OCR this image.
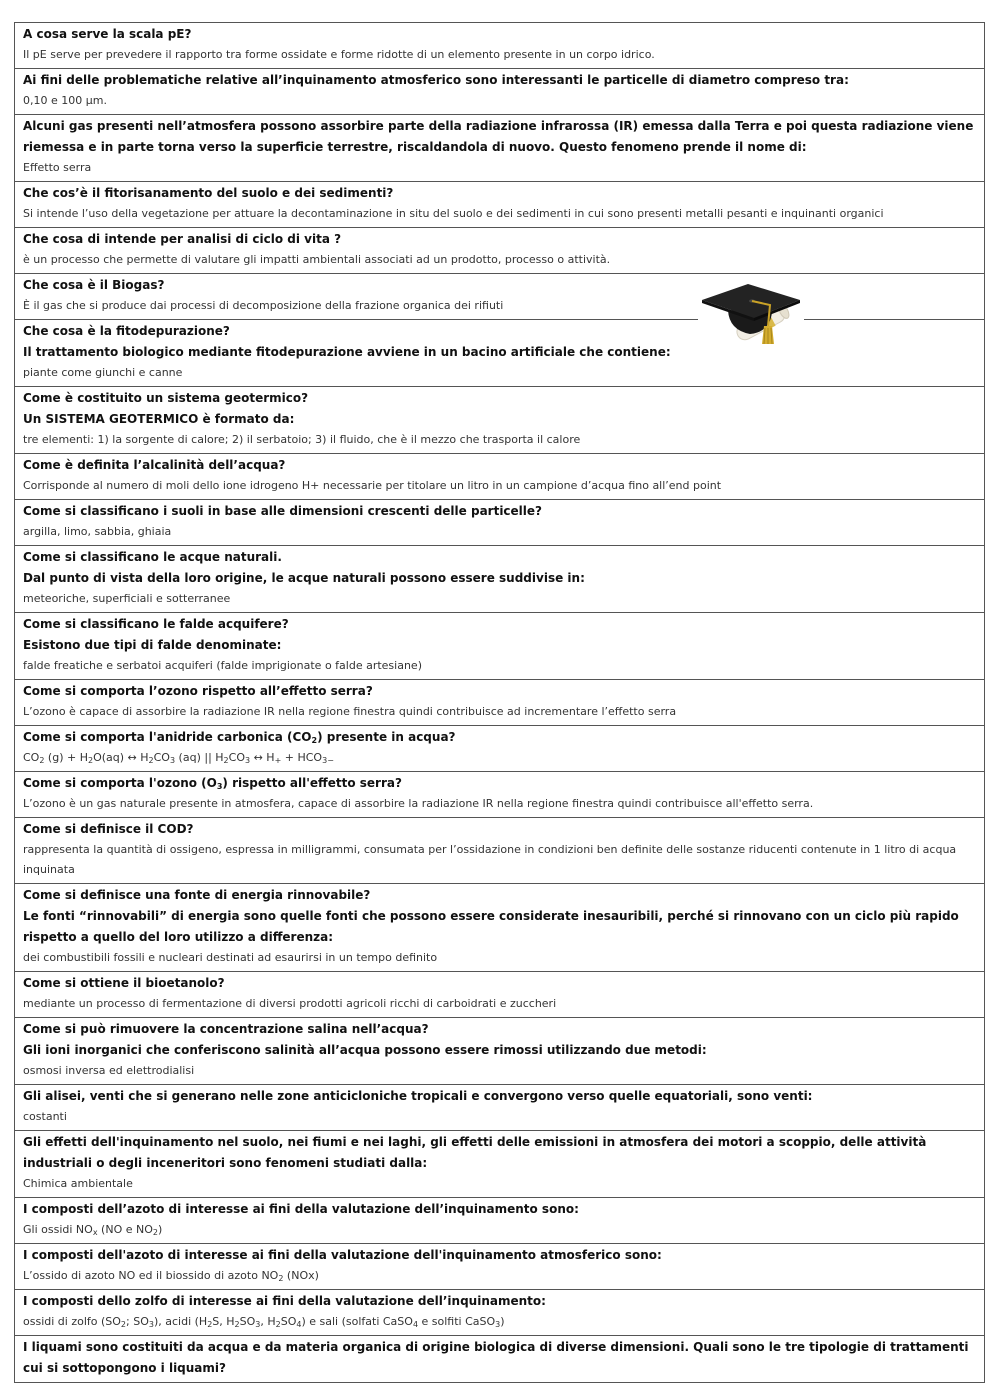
A cosa serve la scala pE?
Il pE serve per prevedere il rapporto tra forme ossidate e forme ridotte di un elemento presente in un corpo idrico.

Ai fini delle problematiche relative all’inquinamento atmosferico sono interessanti le particelle di diametro compreso tra:
0,10 e 100 μm.

Alcuni gas presenti nell’atmosfera possono assorbire parte della radiazione infrarossa (IR) emessa dalla Terra e poi questa radiazione viene riemessa e in parte torna verso la superficie terrestre, riscaldandola di nuovo. Questo fenomeno prende il nome di:
Effetto serra

Che cos’è il fitorisanamento del suolo e dei sedimenti?
Si intende l’uso della vegetazione per attuare la decontaminazione in situ del suolo e dei sedimenti in cui sono presenti metalli pesanti e inquinanti organici

Che cosa di intende per analisi di ciclo di vita ?
è un processo che permette di valutare gli impatti ambientali associati ad un prodotto, processo o attività.

Che cosa è il Biogas?
È il gas che si produce dai processi di decomposizione della frazione organica dei rifiuti

Che cosa è la fitodepurazione?
Il trattamento biologico mediante fitodepurazione avviene in un bacino artificiale che contiene:
piante come giunchi e canne

Come è costituito un sistema geotermico?
Un SISTEMA GEOTERMICO è formato da:
tre elementi: 1) la sorgente di calore; 2) il serbatoio; 3) il fluido, che è il mezzo che trasporta il calore

Come è definita l’alcalinità dell’acqua?
Corrisponde al numero di moli dello ione idrogeno H+ necessarie per titolare un litro in un campione d’acqua fino all’end point

Come si classificano i suoli in base alle dimensioni crescenti delle particelle?
argilla, limo, sabbia, ghiaia

Come si classificano le acque naturali.
Dal punto di vista della loro origine, le acque naturali possono essere suddivise in:
meteoriche, superficiali e sotterranee

Come si classificano le falde acquifere?
Esistono due tipi di falde denominate:
falde freatiche e serbatoi acquiferi (falde imprigionate o falde artesiane)

Come si comporta l’ozono rispetto all’effetto serra?
L’ozono è capace di assorbire la radiazione IR nella regione finestra quindi contribuisce ad incrementare l’effetto serra

Come si comporta l'anidride carbonica $(CO_2)$ presente in acqua?
$CO_2$ $(g) + H_2O(aq)$ ↔ $H_2CO_3$ (aq) || $H_2CO_3$ ↔ $H_+ + HCO_{3-}$

Come si comporta l'ozono $(O_3)$ rispetto all'effetto serra?
L’ozono è un gas naturale presente in atmosfera, capace di assorbire la radiazione IR nella regione finestra quindi contribuisce all'effetto serra.

Come si definisce il COD?
rappresenta la quantità di ossigeno, espressa in milligrammi, consumata per l’ossidazione in condizioni ben definite delle sostanze riducenti contenute in 1 litro di acqua inquinata

Come si definisce una fonte di energia rinnovabile?
Le fonti “rinnovabili” di energia sono quelle fonti che possono essere considerate inesauribili, perché si rinnovano con un ciclo più rapido rispetto a quello del loro utilizzo a differenza:
dei combustibili fossili e nucleari destinati ad esaurirsi in un tempo definito

Come si ottiene il bioetanolo?
mediante un processo di fermentazione di diversi prodotti agricoli ricchi di carboidrati e zuccheri

Come si può rimuovere la concentrazione salina nell’acqua?
Gli ioni inorganici che conferiscono salinità all’acqua possono essere rimossi utilizzando due metodi:
osmosi inversa ed elettrodialisi

Gli alisei, venti che si generano nelle zone anticicloniche tropicali e convergono verso quelle equatoriali, sono venti:
costanti

Gli effetti dell'inquinamento nel suolo, nei fiumi e nei laghi, gli effetti delle emissioni in atmosfera dei motori a scoppio, delle attività industriali o degli inceneritori sono fenomeni studiati dalla:
Chimica ambientale

I composti dell’azoto di interesse ai fini della valutazione dell’inquinamento sono:
Gli ossidi $NO_x$ (NO e $NO_2$)

I composti dell'azoto di interesse ai fini della valutazione dell'inquinamento atmosferico sono:
L’ossido di azoto NO ed il biossido di azoto $NO_2$ (NOx)

I composti dello zolfo di interesse ai fini della valutazione dell’inquinamento:
ossidi di zolfo ($SO_2$; $SO_3$), acidi ($H_2S$, $H_2SO_3$, $H_2SO_4$) e sali (solfati CaSO$_4$ e solfiti CaSO$_3$)

I liquami sono costituiti da acqua e da materia organica di origine biologica di diverse dimensioni. Quali sono le tre tipologie di trattamenti cui si sottopongono i liquami?
